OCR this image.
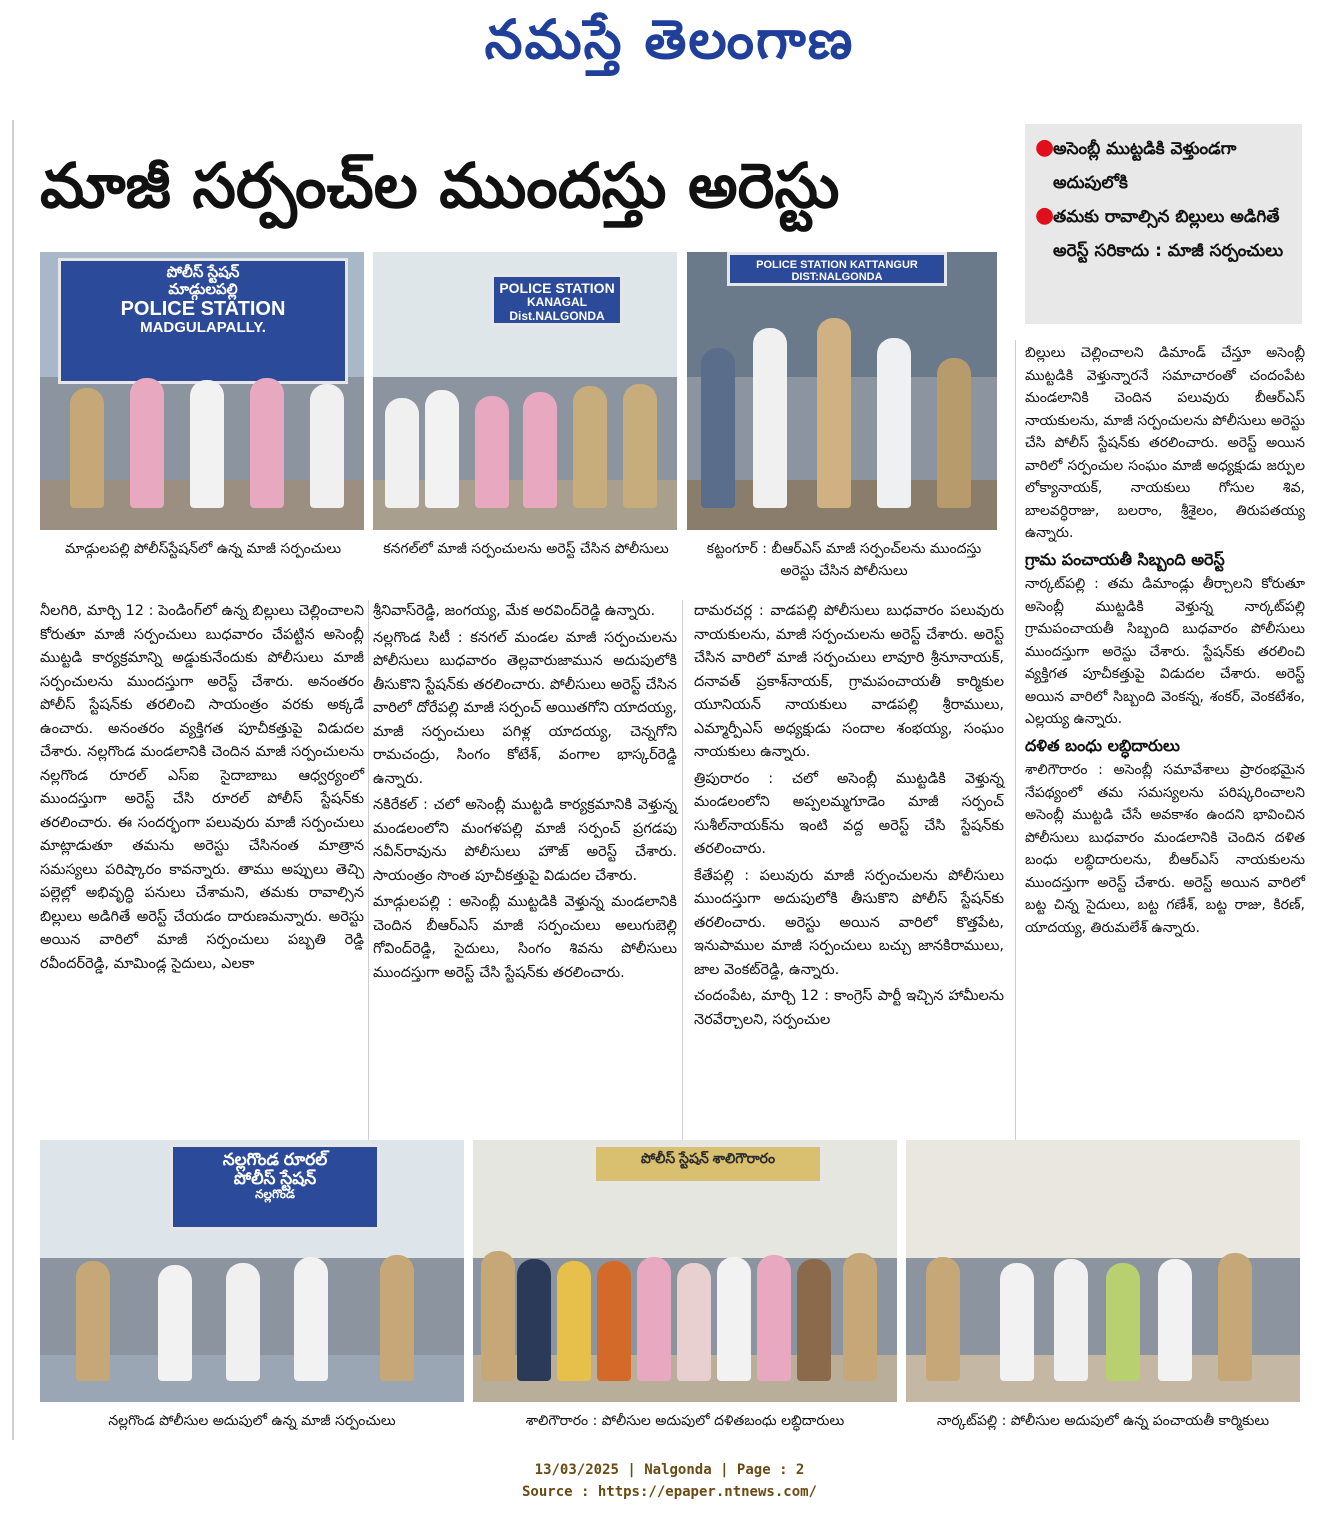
నమస్తే తెలంగాణ
మాజీ సర్పంచ్‌ల ముందస్తు అరెస్టు
●
అసెంబ్లీ ముట్టడికి వెళ్తుండగా అదుపులోకి
●
తమకు రావాల్సిన బిల్లులు అడిగితే అరెస్ట్ సరికాదు : మాజీ సర్పంచులు
పోలీస్ స్టేషన్
మాడ్గులపల్లి
POLICE STATION
MADGULAPALLY.
POLICE STATION
KANAGAL
Dist.NALGONDA
POLICE STATION KATTANGUR
DIST:NALGONDA
మాడ్గులపల్లి పోలీస్‌స్టేషన్‌లో ఉన్న మాజీ సర్పంచులు	కనగల్‌లో మాజీ సర్పంచులను అరెస్ట్ చేసిన పోలీసులు	కట్టంగూర్ : బీఆర్‌ఎస్ మాజీ సర్పంచ్‌లను ముందస్తు అరెస్టు చేసిన పోలీసులు

నీలగిరి, మార్చి 12 : పెండింగ్‌లో ఉన్న బిల్లులు చెల్లించాలని కోరుతూ మాజీ సర్పంచులు బుధవారం చేపట్టిన అసెంబ్లీ ముట్టడి కార్యక్రమాన్ని అడ్డుకునేందుకు పోలీసులు మాజీ సర్పంచులను ముందస్తుగా అరెస్ట్ చేశారు. అనంతరం పోలీస్ స్టేషన్‌కు తరలించి సాయంత్రం వరకు అక్కడే ఉంచారు. అనంతరం వ్యక్తిగత పూచీకత్తుపై విడుదల చేశారు. నల్లగొండ మండలానికి చెందిన మాజీ సర్పంచులను నల్లగొండ రూరల్ ఎస్‌ఐ సైదాబాబు ఆధ్వర్యంలో ముందస్తుగా అరెస్ట్ చేసి రూరల్ పోలీస్ స్టేషన్‌కు తరలించారు. ఈ సందర్భంగా పలువురు మాజీ సర్పంచులు మాట్లాడుతూ తమను అరెస్టు చేసినంత మాత్రాన సమస్యలు పరిష్కారం కావన్నారు. తాము అప్పులు తెచ్చి పల్లెల్లో అభివృద్ధి పనులు చేశామని, తమకు రావాల్సిన బిల్లులు అడిగితే అరెస్ట్ చేయడం దారుణమన్నారు. అరెస్టు అయిన వారిలో మాజీ సర్పంచులు పబ్బతి రెడ్డి రవీందర్‌రెడ్డి, మామిండ్ల సైదులు, ఎలకా

శ్రీనివాస్‌రెడ్డి, జంగయ్య, మేక అరవింద్‌రెడ్డి ఉన్నారు.

నల్లగొండ సిటీ : కనగల్ మండల మాజీ సర్పంచులను పోలీసులు బుధవారం తెల్లవారుజామున అదుపులోకి తీసుకొని స్టేషన్‌కు తరలించారు. పోలీసులు అరెస్ట్ చేసిన వారిలో దోరేపల్లి మాజీ సర్పంచ్ అయితగోని యాదయ్య, మాజీ సర్పంచులు పగిళ్ల యాదయ్య, చెన్నగోని రామచంద్రు, సింగం కోటేశ్, వంగాల భాస్కర్‌రెడ్డి ఉన్నారు.

నకిరేకల్ : చలో అసెంబ్లీ ముట్టడి కార్యక్రమానికి వెళ్తున్న మండలంలోని మంగళపల్లి మాజీ సర్పంచ్ ప్రగడపు నవీన్‌రావును పోలీసులు హౌజ్ అరెస్ట్ చేశారు. సాయంత్రం సొంత పూచీకత్తుపై విడుదల చేశారు.

మాడ్గులపల్లి : అసెంబ్లీ ముట్టడికి వెళ్తున్న మండలానికి చెందిన బీఆర్‌ఎస్ మాజీ సర్పంచులు అలుగుబెల్లి గోవింద్‌రెడ్డి, సైదులు, సింగం శివను పోలీసులు ముందస్తుగా అరెస్ట్ చేసి స్టేషన్‌కు తరలించారు.

దామరచర్ల : వాడపల్లి పోలీసులు బుధవారం పలువురు నాయకులను, మాజీ సర్పంచులను అరెస్ట్ చేశారు. అరెస్ట్ చేసిన వారిలో మాజీ సర్పంచులు లావూరి శ్రీనూనాయక్, దనావత్ ప్రకాశ్‌నాయక్, గ్రామపంచాయతీ కార్మికుల యూనియన్ నాయకులు వాడపల్లి శ్రీరాములు, ఎమ్మార్పీఎస్ అధ్యక్షుడు సందాల శంభయ్య, సంఘం నాయకులు ఉన్నారు.

త్రిపురారం : చలో అసెంబ్లీ ముట్టడికి వెళ్తున్న మండలంలోని అప్పలమ్మగూడెం మాజీ సర్పంచ్ సుశీల్‌నాయక్‌ను ఇంటి వద్ద అరెస్ట్ చేసి స్టేషన్‌కు తరలించారు.

కేతేపల్లి : పలువురు మాజీ సర్పంచులను పోలీసులు ముందస్తుగా అదుపులోకి తీసుకొని పోలీస్ స్టేషన్‌కు తరలించారు. అరెస్టు అయిన వారిలో కొత్తపేట, ఇనుపాముల మాజీ సర్పంచులు బచ్చు జానకిరాములు, జాల వెంకట్‌రెడ్డి, ఉన్నారు.

చందంపేట, మార్చి 12 : కాంగ్రెస్ పార్టీ ఇచ్చిన హామీలను నెరవేర్చాలని, సర్పంచుల

బిల్లులు చెల్లించాలని డిమాండ్ చేస్తూ అసెంబ్లీ ముట్టడికి వెళ్తున్నారనే సమాచారంతో చందంపేట మండలానికి చెందిన పలువురు బీఆర్‌ఎస్ నాయకులను, మాజీ సర్పంచులను పోలీసులు అరెస్టు చేసి పోలీస్ స్టేషన్‌కు తరలించారు. అరెస్ట్ అయిన వారిలో సర్పంచుల సంఘం మాజీ అధ్యక్షుడు జర్పుల లోక్యానాయక్, నాయకులు గోసుల శివ, బాలవర్ధిరాజు, బలరాం, శ్రీశైలం, తిరుపతయ్య ఉన్నారు.

గ్రామ పంచాయతీ సిబ్బంది అరెస్ట్

నార్కట్‌పల్లి : తమ డిమాండ్లు తీర్చాలని కోరుతూ అసెంబ్లీ ముట్టడికి వెళ్తున్న నార్కట్‌పల్లి గ్రామపంచాయతీ సిబ్బంది బుధవారం పోలీసులు ముందస్తుగా అరెస్టు చేశారు. స్టేషన్‌కు తరలించి వ్యక్తిగత పూచీకత్తుపై విడుదల చేశారు. అరెస్ట్ అయిన వారిలో సిబ్బంది వెంకన్న, శంకర్, వెంకటేశం, ఎల్లయ్య ఉన్నారు.

దళిత బంధు లబ్ధిదారులు

శాలిగౌరారం : అసెంబ్లీ సమావేశాలు ప్రారంభమైన నేపథ్యంలో తమ సమస్యలను పరిష్కరించాలని అసెంబ్లీ ముట్టడి చేసే అవకాశం ఉందని భావించిన పోలీసులు బుధవారం మండలానికి చెందిన దళిత బంధు లబ్ధిదారులను, బీఆర్‌ఎస్ నాయకులను ముందస్తుగా అరెస్ట్ చేశారు. అరెస్ట్ అయిన వారిలో బట్ట చిన్న సైదులు, బట్ట గణేశ్, బట్ట రాజు, కిరణ్, యాదయ్య, తిరుమలేశ్ ఉన్నారు.

నల్లగొండ రూరల్
పోలీస్ స్టేషన్
నల్లగొండ
పోలీస్ స్టేషన్ శాలిగౌరారం
నల్లగొండ పోలీసుల అదుపులో ఉన్న మాజీ సర్పంచులు	శాలిగౌరారం : పోలీసుల అదుపులో దళితబంధు లబ్ధిదారులు	నార్కట్‌పల్లి : పోలీసుల అదుపులో ఉన్న పంచాయతీ కార్మికులు
13/03/2025 | Nalgonda | Page : 2
Source : https://epaper.ntnews.com/
